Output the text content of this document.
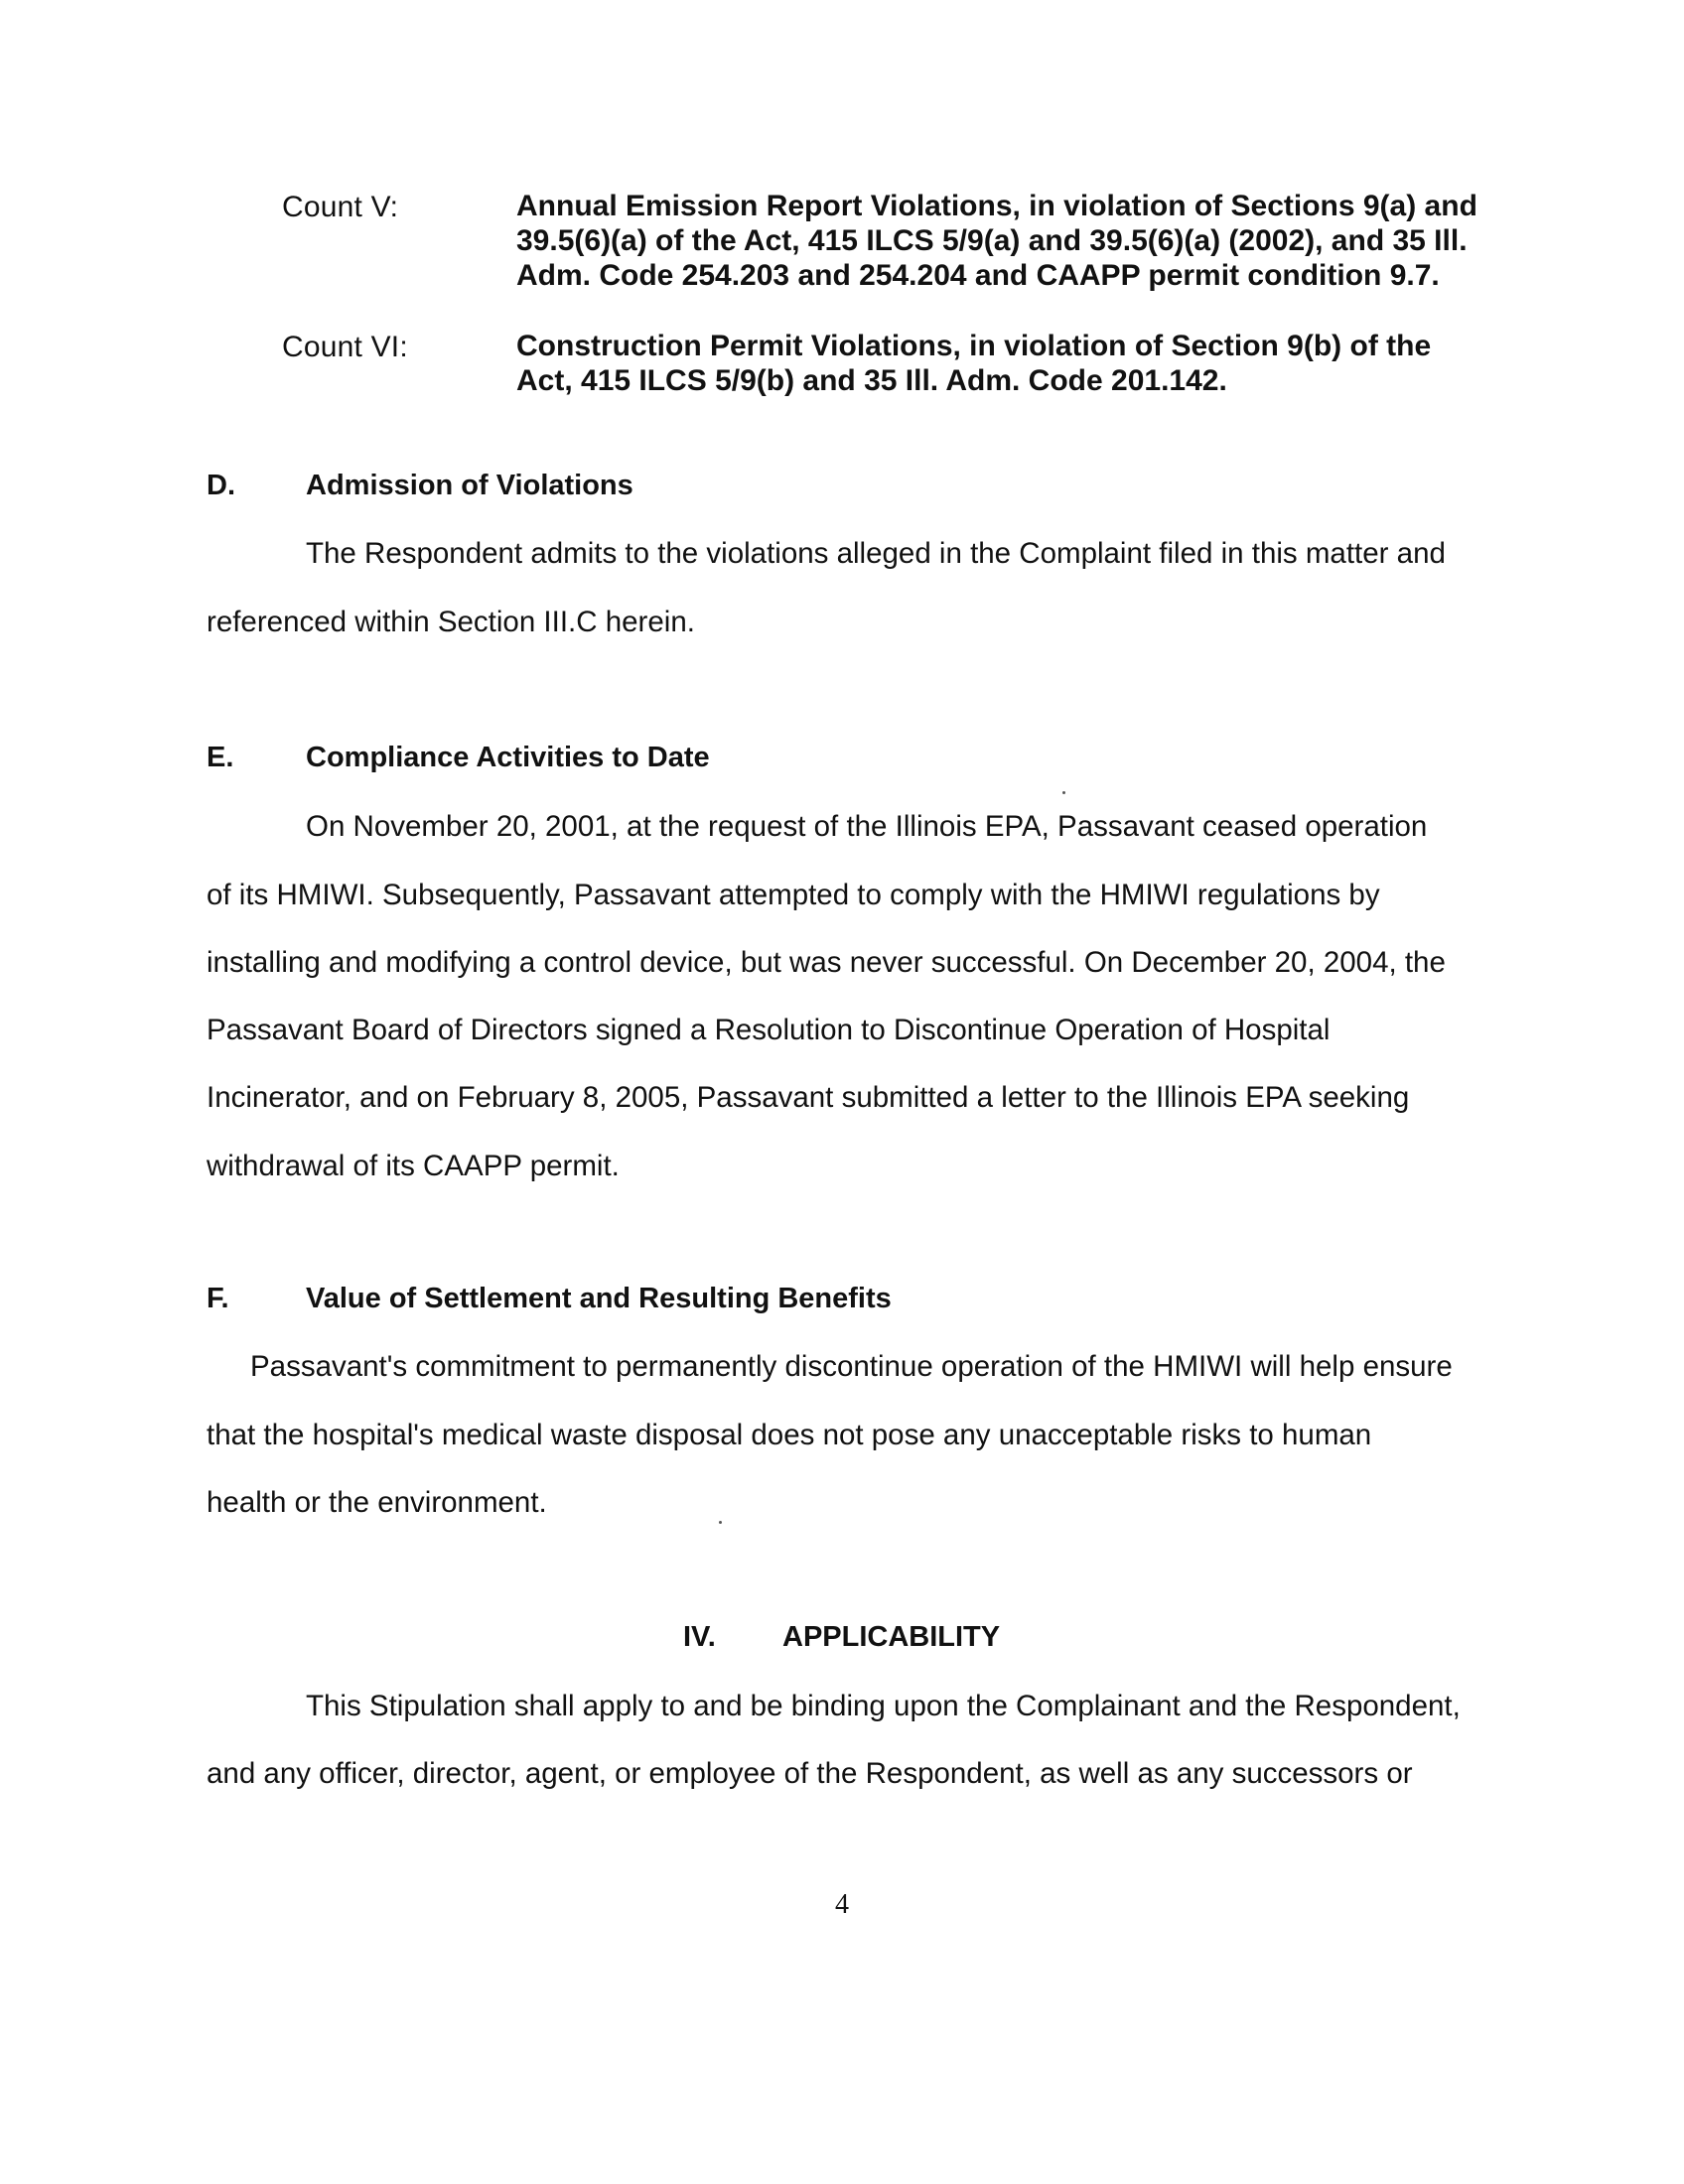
Count V:	Annual Emission Report Violations, in violation of Sections 9(a) and
39.5(6)(a) of the Act, 415 ILCS 5/9(a) and 39.5(6)(a) (2002), and 35 Ill.
Adm. Code 254.203 and 254.204 and CAAPP permit condition 9.7.
Count VI:	Construction Permit Violations, in violation of Section 9(b) of the
Act, 415 ILCS 5/9(b) and 35 Ill. Adm. Code 201.142.
D. Admission of Violations
The Respondent admits to the violations alleged in the Complaint filed in this matter and
referenced within Section III.C herein.
E.	Compliance Activities to Date
On November 20, 2001, at the request of the Illinois EPA, Passavant ceased operation
of its HMIWI. Subsequently, Passavant attempted to comply with the HMIWI regulations by
installing and modifying a control device, but was never successful. On December 20, 2004, the
Passavant Board of Directors signed a Resolution to Discontinue Operation of Hospital
Incinerator, and on February 8, 2005, Passavant submitted a letter to the Illinois EPA seeking
withdrawal of its CAAPP permit.
F.	Value of Settlement and Resulting Benefits
Passavant's commitment to permanently discontinue operation of the HMIWI will help ensure
that the hospital's medical waste disposal does not pose any unacceptable risks to human
health or the environment.
IV. APPLICABILITY
This Stipulation shall apply to and be binding upon the Complainant and the Respondent,
and any officer, director, agent, or employee of the Respondent, as well as any successors or
4
